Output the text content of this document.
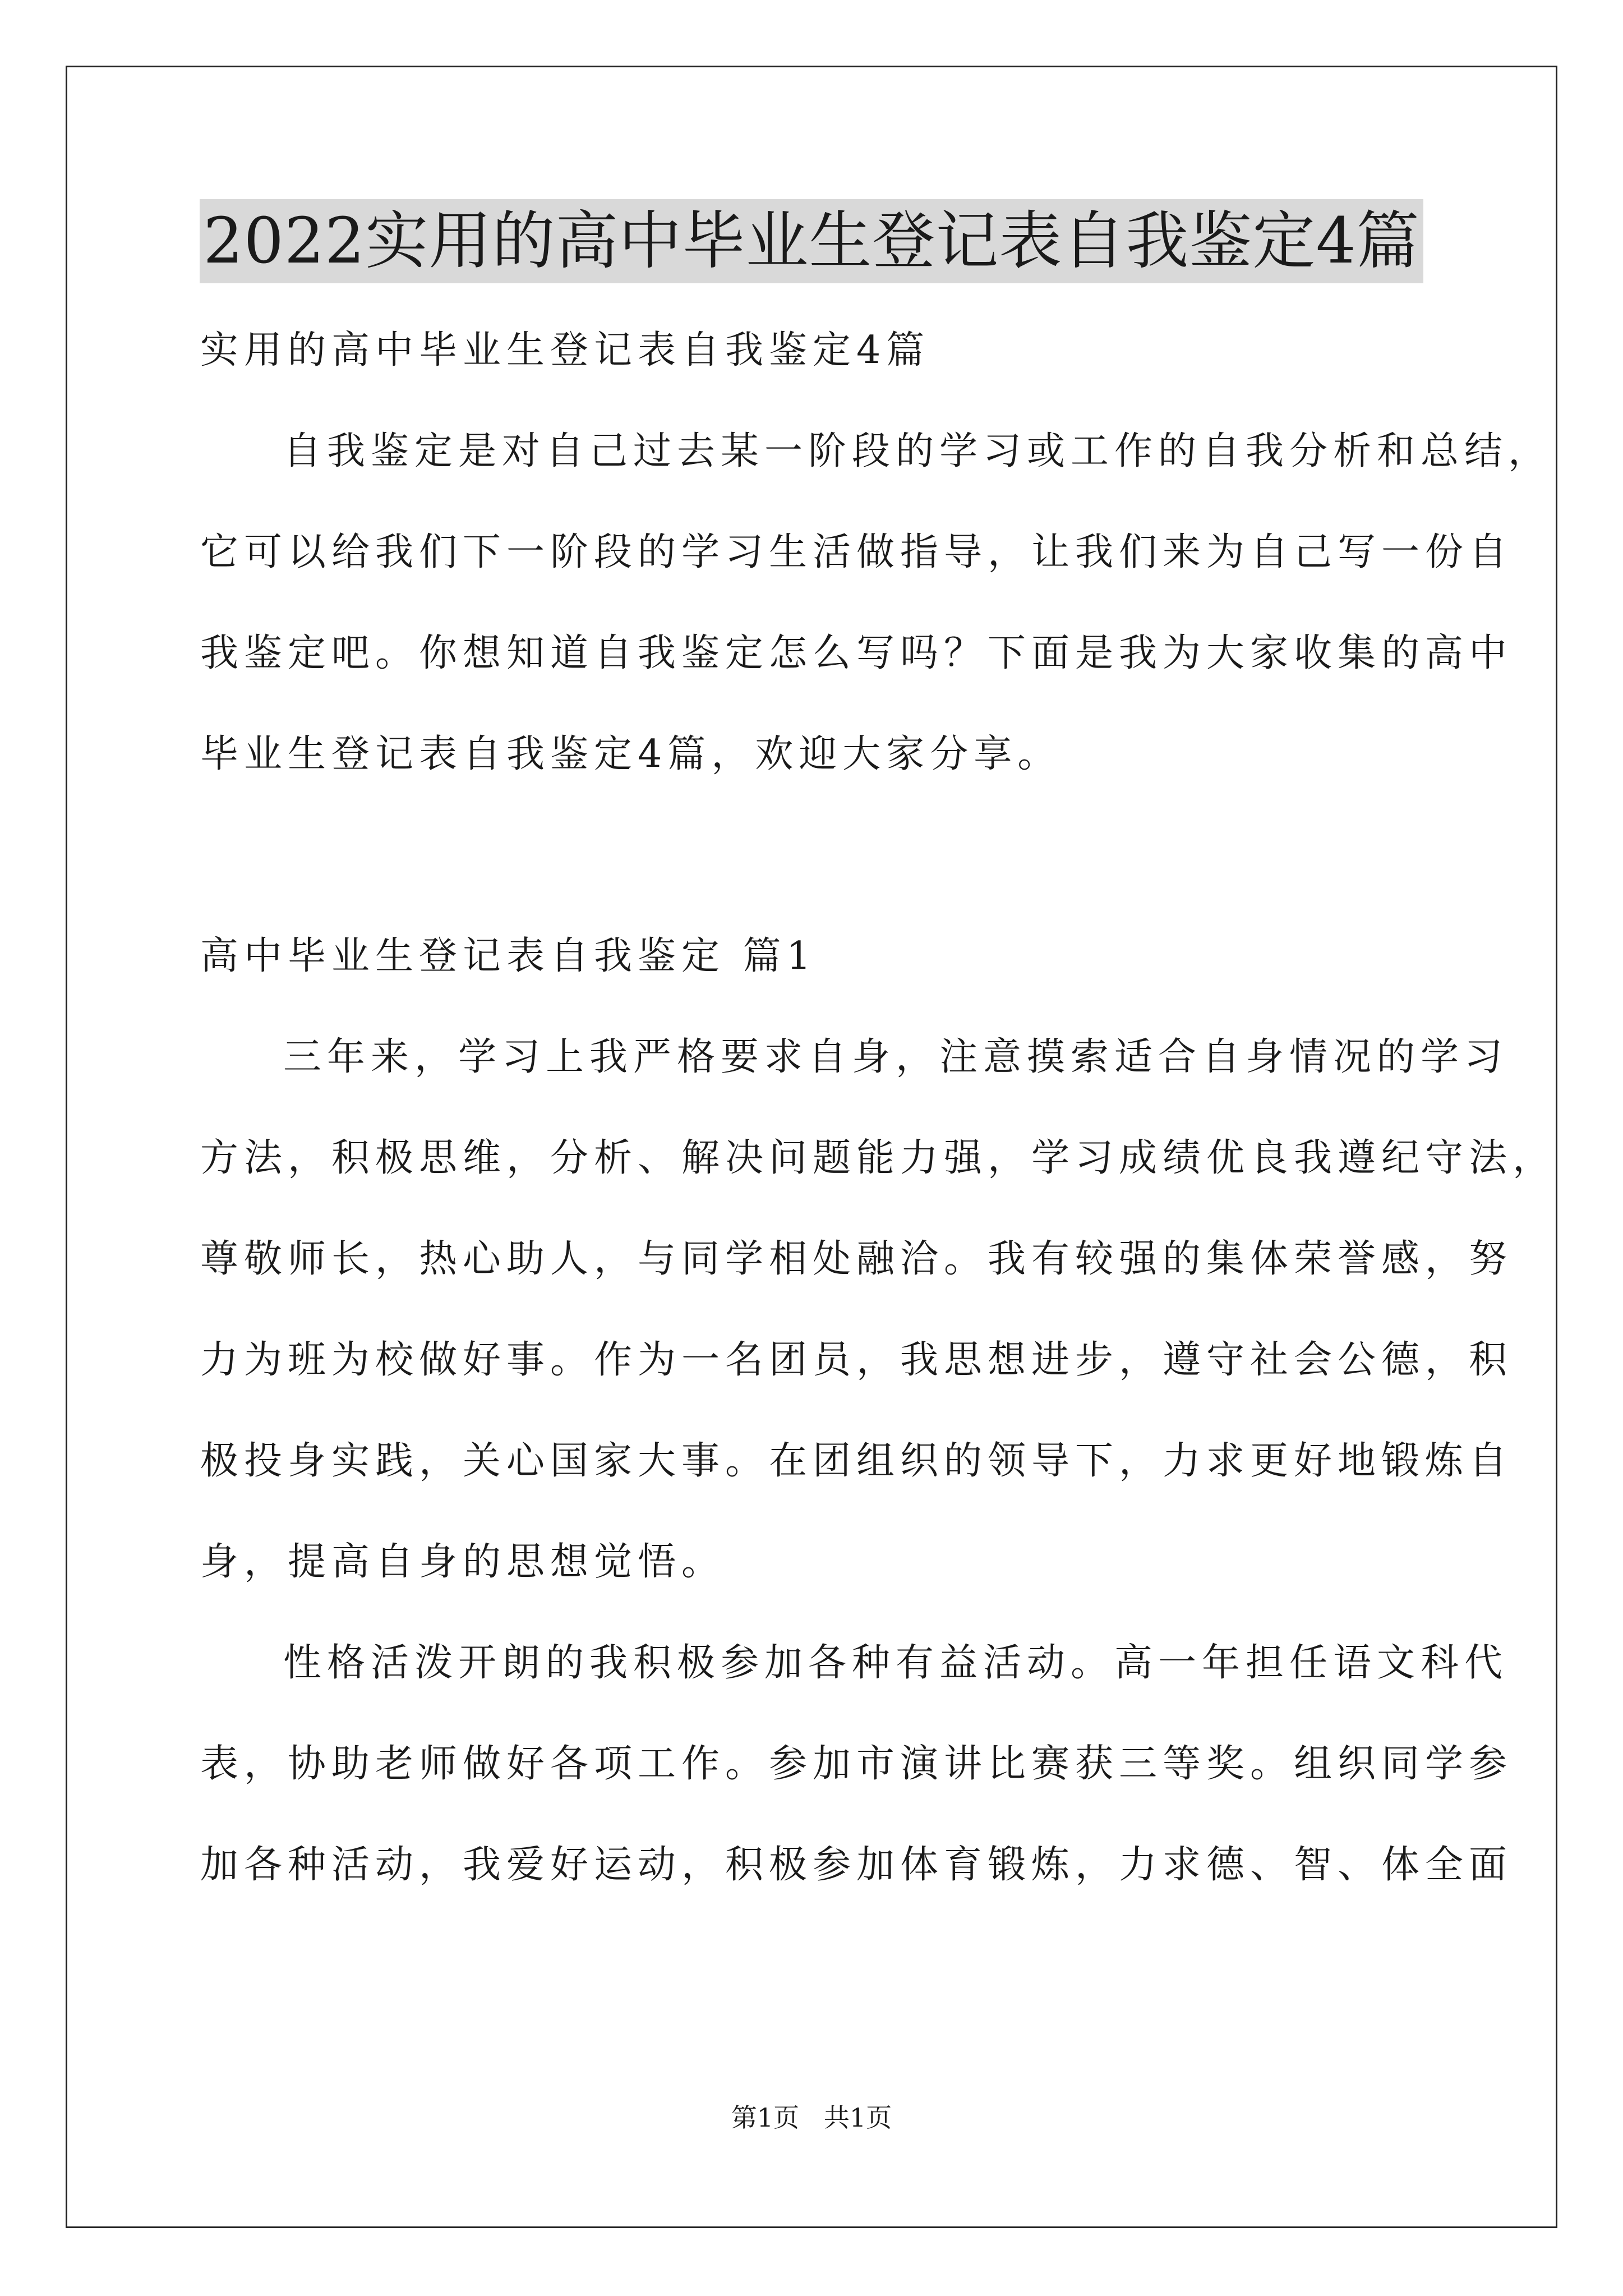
2022实用的高中毕业生登记表自我鉴定4篇
实用的高中毕业生登记表自我鉴定4篇
自我鉴定是对自己过去某一阶段的学习或工作的自我分析和总结，
它可以给我们下一阶段的学习生活做指导，让我们来为自己写一份自
我鉴定吧。你想知道自我鉴定怎么写吗？下面是我为大家收集的高中
毕业生登记表自我鉴定4篇，欢迎大家分享。
高中毕业生登记表自我鉴定 篇1
三年来，学习上我严格要求自身，注意摸索适合自身情况的学习
方法，积极思维，分析、解决问题能力强，学习成绩优良我遵纪守法，
尊敬师长，热心助人，与同学相处融洽。我有较强的集体荣誉感，努
力为班为校做好事。作为一名团员，我思想进步，遵守社会公德，积
极投身实践，关心国家大事。在团组织的领导下，力求更好地锻炼自
身，提高自身的思想觉悟。
性格活泼开朗的我积极参加各种有益活动。高一年担任语文科代
表，协助老师做好各项工作。参加市演讲比赛获三等奖。组织同学参
加各种活动，我爱好运动，积极参加体育锻炼，力求德、智、体全面
第1页   共1页
